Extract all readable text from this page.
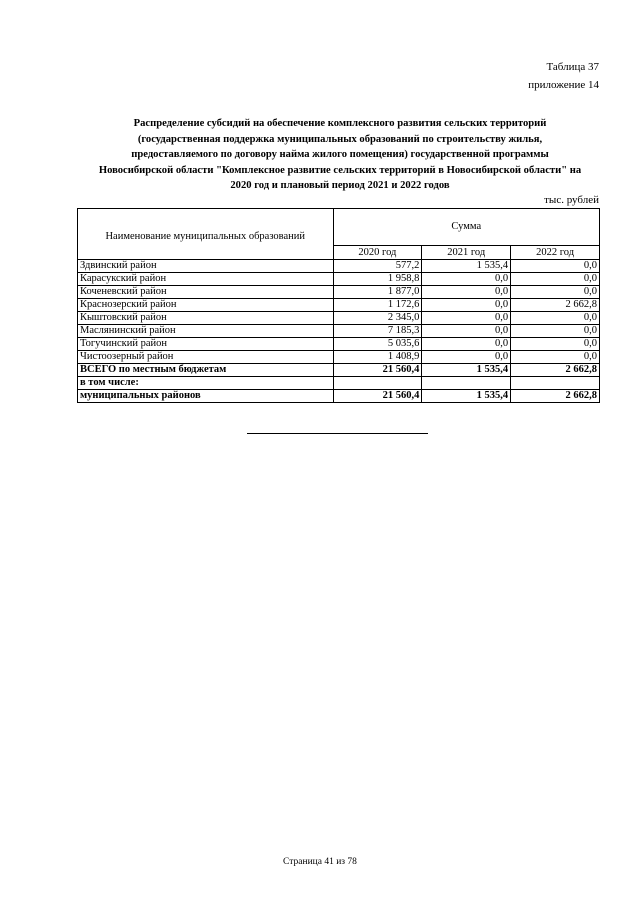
Таблица 37
приложение 14
Распределение субсидий на обеспечение комплексного развития сельских территорий
(государственная поддержка муниципальных образований по строительству жилья,
предоставляемого по договору найма жилого помещения) государственной программы
Новосибирской области "Комплексное развитие сельских территорий в Новосибирской области" на
2020 год и плановый период 2021 и 2022 годов
тыс. рублей
Наименование муниципальных образований	Сумма		
	2020 год	2021 год	2022 год
Здвинский район	577,2	1 535,4	0,0
Карасукский район	1 958,8	0,0	0,0
Коченевский район	1 877,0	0,0	0,0
Краснозерский район	1 172,6	0,0	2 662,8
Кыштовский район	2 345,0	0,0	0,0
Маслянинский район	7 185,3	0,0	0,0
Тогучинский район	5 035,6	0,0	0,0
Чистоозерный район	1 408,9	0,0	0,0
ВСЕГО по местным бюджетам	21 560,4	1 535,4	2 662,8
в том числе:			
муниципальных районов	21 560,4	1 535,4	2 662,8
Страница 41 из 78
